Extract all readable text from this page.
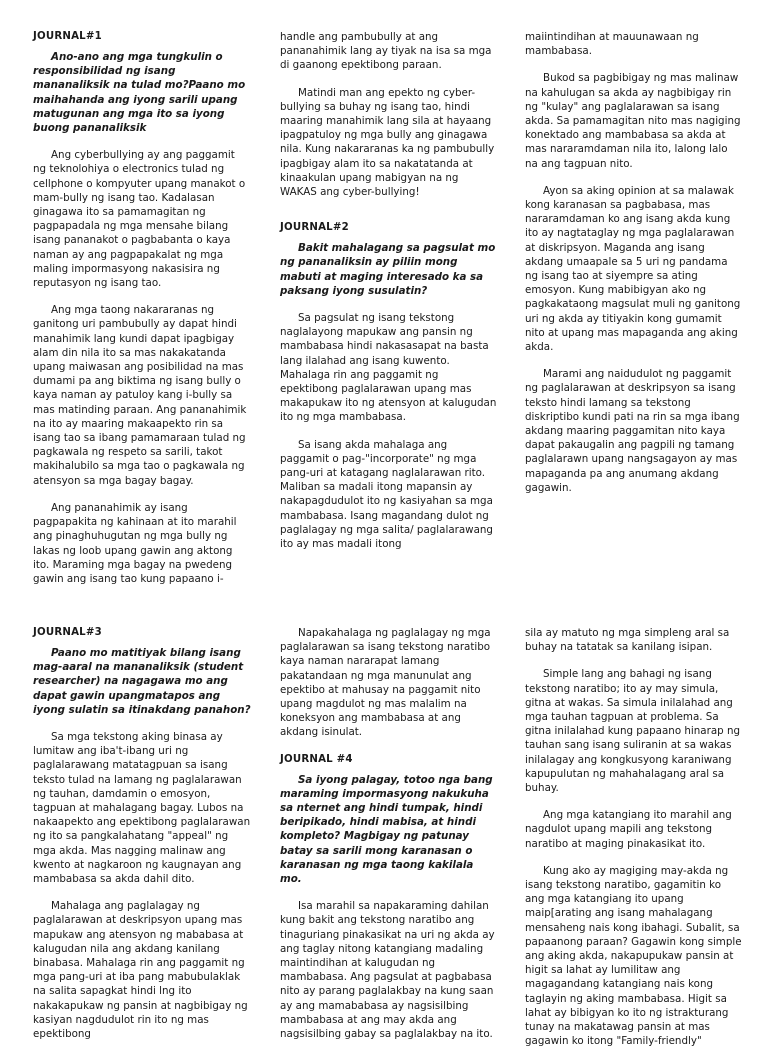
JOURNAL#1
Ano-ano ang mga tungkulin o responsibilidad ng isang mananaliksik na tulad mo?Paano mo maihahanda ang iyong sarili upang matugunan ang mga ito sa iyong buong pananaliksik
Ang cyberbullying ay ang paggamit ng teknolohiya o electronics tulad ng cellphone o kompyuter upang manakot o mam-bully ng isang tao. Kadalasan ginagawa ito sa pamamagitan ng pagpapadala ng mga mensahe bilang isang pananakot o pagbabanta o kaya naman ay ang pagpapakalat ng mga maling impormasyong nakasisira ng reputasyon ng isang tao.
Ang mga taong nakararanas ng ganitong uri pambubully ay dapat hindi manahimik lang kundi dapat ipagbigay alam din nila ito sa mas nakakatanda upang maiwasan ang posibilidad na mas dumami pa ang biktima ng isang bully o kaya naman ay patuloy kang i-bully sa mas matinding paraan. Ang pananahimik na ito ay maaring makaapekto rin sa isang tao sa ibang pamamaraan tulad ng pagkawala ng respeto sa sarili, takot makihalubilo sa mga tao o pagkawala ng atensyon sa mga bagay bagay.
Ang pananahimik ay isang pagpapakita ng kahinaan at ito marahil ang pinaghuhugutan ng mga bully ng lakas ng loob upang gawin ang aktong ito. Maraming mga bagay na pwedeng gawin ang isang tao kung papaano i-
handle ang pambubully at ang pananahimik lang ay tiyak na isa sa mga di gaanong epektibong paraan.
Matindi man ang epekto ng cyber-bullying sa buhay ng isang tao, hindi maaring manahimik lang sila at hayaang ipagpatuloy ng mga bully ang ginagawa nila. Kung nakararanas ka ng pambubully ipagbigay alam ito sa nakatatanda at kinaakulan upang mabigyan na ng WAKAS ang cyber-bullying!
JOURNAL#2
Bakit mahalagang sa pagsulat mo ng pananaliksin ay piliin mong mabuti at maging interesado ka sa paksang iyong susulatin?
Sa pagsulat ng isang tekstong naglalayong mapukaw ang pansin ng mambabasa hindi nakasasapat na basta lang ilalahad ang isang kuwento. Mahalaga rin ang paggamit ng epektibong paglalarawan upang mas makapukaw ito ng atensyon at kalugudan ito ng mga mambabasa.
Sa isang akda mahalaga ang paggamit o pag-"incorporate" ng mga pang-uri at katagang naglalarawan rito. Maliban sa madali itong mapansin ay nakapagdudulot ito ng kasiyahan sa mga mambabasa. Isang magandang dulot ng paglalagay ng mga salita/ paglalarawang ito ay mas madali itong
maiintindihan at mauunawaan ng mambabasa.
Bukod sa pagbibigay ng mas malinaw na kahulugan sa akda ay nagbibigay rin ng "kulay" ang paglalarawan sa isang akda. Sa pamamagitan nito mas nagiging konektado ang mambabasa sa akda at mas nararamdaman nila ito, lalong lalo na ang tagpuan nito.
Ayon sa aking opinion at sa malawak kong karanasan sa pagbabasa, mas nararamdaman ko ang isang akda kung ito ay nagtataglay ng mga paglalarawan at diskripsyon. Maganda ang isang akdang umaapale sa 5 uri ng pandama ng isang tao at siyempre sa ating emosyon. Kung mabibigyan ako ng pagkakataong magsulat muli ng ganitong uri ng akda ay titiyakin kong gumamit nito at upang mas mapaganda ang aking akda.
Marami ang naidudulot ng paggamit ng paglalarawan at deskripsyon sa isang teksto hindi lamang sa tekstong diskriptibo kundi pati na rin sa mga ibang akdang maaring paggamitan nito kaya dapat pakaugalin ang pagpili ng tamang paglalarawn upang nangsagayon ay mas mapaganda pa ang anumang akdang gagawin.
JOURNAL#3
Paano mo matitiyak bilang isang mag-aaral na mananaliksik (student researcher) na nagagawa mo ang dapat gawin upangmatapos ang iyong sulatin sa itinakdang panahon?
Sa mga tekstong aking binasa ay lumitaw ang iba't-ibang uri ng paglalarawang matatagpuan sa isang teksto tulad na lamang ng paglalarawan ng tauhan, damdamin o emosyon, tagpuan at mahalagang bagay. Lubos na nakaapekto ang epektibong paglalarawan ng ito sa pangkalahatang "appeal" ng mga akda. Mas nagging malinaw ang kwento at nagkaroon ng kaugnayan ang mambabasa sa akda dahil dito.
Mahalaga ang paglalagay ng paglalarawan at deskripsyon upang mas mapukaw ang atensyon ng mababasa at kalugudan nila ang akdang kanilang binabasa. Mahalaga rin ang paggamit ng mga pang-uri at iba pang mabubulaklak na salita sapagkat hindi lng ito nakakapukaw ng pansin at nagbibigay ng kasiyan nagdudulot rin ito ng mas epektibong
Napakahalaga ng paglalagay ng mga paglalarawan sa isang tekstong naratibo kaya naman nararapat lamang pakatandaan ng mga manunulat ang epektibo at mahusay na paggamit nito upang magdulot ng mas malalim na koneksyon ang mambabasa at ang akdang isinulat.
JOURNAL #4
Sa iyong palagay, totoo nga bang maraming impormasyong nakukuha sa nternet ang hindi tumpak, hindi beripikado, hindi mabisa, at hindi kompleto? Magbigay ng patunay batay sa sarili mong karanasan o karanasan ng mga taong kakilala mo.
Isa marahil sa napakaraming dahilan kung bakit ang tekstong naratibo ang tinaguriang pinakasikat na uri ng akda ay ang taglay nitong katangiang madaling maintindihan at kalugudan ng mambabasa. Ang pagsulat at pagbabasa nito ay parang paglalakbay na kung saan ay ang mamababasa ay nagsisilbing mambabasa at ang may akda ang nagsisilbing gabay sa paglalakbay na ito.
sila ay matuto ng mga simpleng aral sa buhay na tatatak sa kanilang isipan.
Simple lang ang bahagi ng isang tekstong naratibo; ito ay may simula, gitna at wakas. Sa simula inilalahad ang mga tauhan tagpuan at problema. Sa gitna inilalahad kung papaano hinarap ng tauhan sang isang suliranin at sa wakas inilalagay ang kongkusyong karaniwang kapupulutan ng mahahalagang aral sa buhay.
Ang mga katangiang ito marahil ang nagdulot upang mapili ang tekstong naratibo at maging pinakasikat ito.
Kung ako ay magiging may-akda ng isang tekstong naratibo, gagamitin ko ang mga katangiang ito upang maip[arating ang isang mahalagang mensaheng nais kong ibahagi. Subalit, sa papaanong paraan? Gagawin kong simple ang aking akda, nakapupukaw pansin at higit sa lahat ay lumilitaw ang magagandang katangiang nais kong taglayin ng aking mambabasa. Higit sa lahat ay bibigyan ko ito ng istrakturang tunay na makatawag pansin at mas gagawin ko itong "Family-friendly"
